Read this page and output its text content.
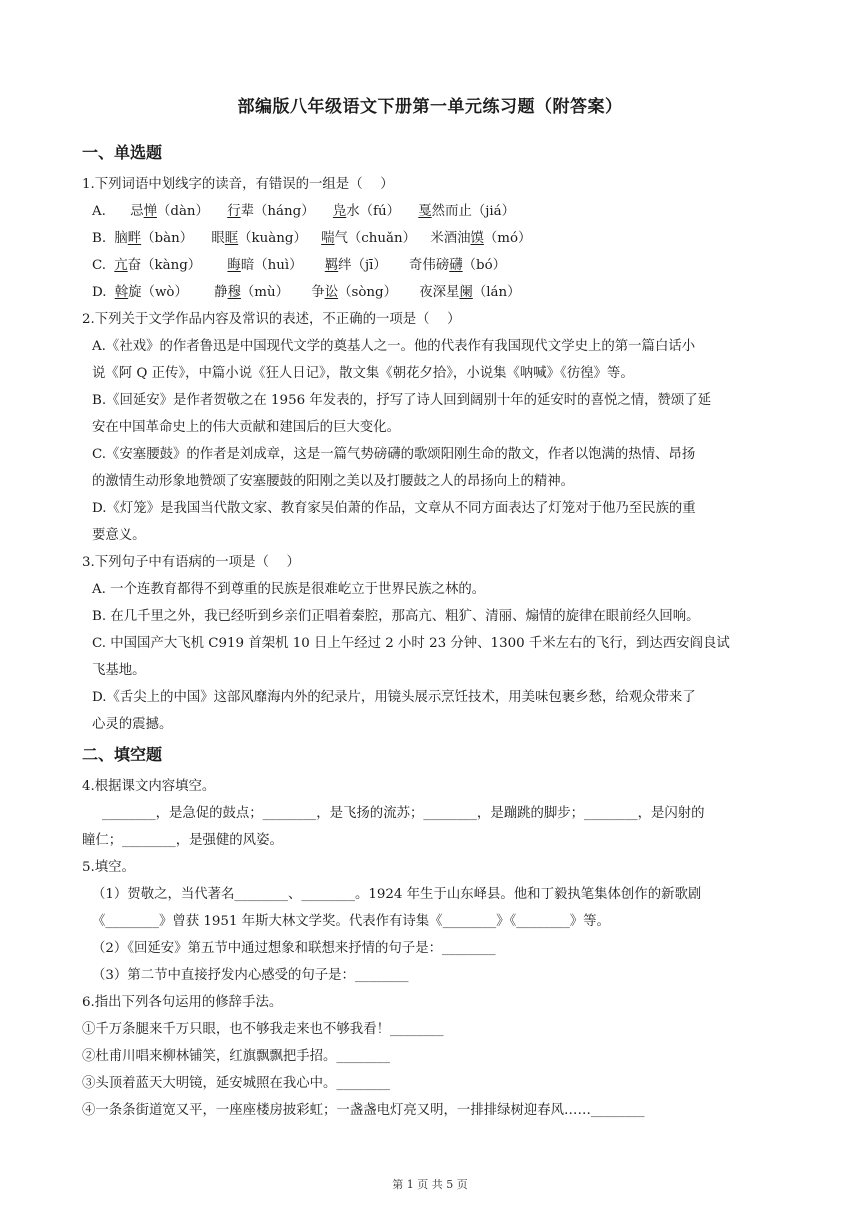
部编版八年级语文下册第一单元练习题（附答案）
一、单选题
1.下列词语中划线字的读音，有错误的一组是（　 ）
A. 忌惮（dàn） 行辈（háng） 凫水（fú） 戛然而止（jiá）
B. 脑畔（bàn） 眼眶（kuàng） 喘气（chuǎn） 米酒油馍（mó）
C. 亢奋（kàng） 晦暗（huì） 羁绊（jī） 奇伟磅礴（bó）
D. 斡旋（wò） 静穆（mù） 争讼（sòng） 夜深星阑（lán）
2.下列关于文学作品内容及常识的表述，不正确的一项是（　 ）
A.《社戏》的作者鲁迅是中国现代文学的奠基人之一。他的代表作有我国现代文学史上的第一篇白话小
说《阿 Q 正传》，中篇小说《狂人日记》，散文集《朝花夕拾》，小说集《呐喊》《彷徨》等。
B.《回延安》是作者贺敬之在 1956 年发表的，抒写了诗人回到阔别十年的延安时的喜悦之情，赞颂了延
安在中国革命史上的伟大贡献和建国后的巨大变化。
C.《安塞腰鼓》的作者是刘成章，这是一篇气势磅礴的歌颂阳刚生命的散文，作者以饱满的热情、昂扬
的激情生动形象地赞颂了安塞腰鼓的阳刚之美以及打腰鼓之人的昂扬向上的精神。
D.《灯笼》是我国当代散文家、教育家吴伯萧的作品，文章从不同方面表达了灯笼对于他乃至民族的重
要意义。
3.下列句子中有语病的一项是（　 ）
A. 一个连教育都得不到尊重的民族是很难屹立于世界民族之林的。
B. 在几千里之外，我已经听到乡亲们正唱着秦腔，那高亢、粗犷、清丽、煽情的旋律在眼前经久回响。
C. 中国国产大飞机 C919 首架机 10 日上午经过 2 小时 23 分钟、1300 千米左右的飞行，到达西安阎良试
飞基地。
D.《舌尖上的中国》这部风靡海内外的纪录片，用镜头展示烹饪技术，用美味包裹乡愁，给观众带来了
心灵的震撼。
二、填空题
4.根据课文内容填空。
________，是急促的鼓点；________，是飞扬的流苏；________，是蹦跳的脚步；________，是闪射的
瞳仁；________，是强健的风姿。
5.填空。
（1）贺敬之，当代著名________、________。1924 年生于山东峄县。他和丁毅执笔集体创作的新歌剧
《________》曾获 1951 年斯大林文学奖。代表作有诗集《________》《________》等。
（2）《回延安》第五节中通过想象和联想来抒情的句子是：________
（3）第二节中直接抒发内心感受的句子是：________
6.指出下列各句运用的修辞手法。
①千万条腿来千万只眼，也不够我走来也不够我看！________
②杜甫川唱来柳林铺笑，红旗飘飘把手招。________
③头顶着蓝天大明镜，延安城照在我心中。________
④一条条街道宽又平，一座座楼房披彩虹；一盏盏电灯亮又明，一排排绿树迎春风……________
第 1 页 共 5 页
